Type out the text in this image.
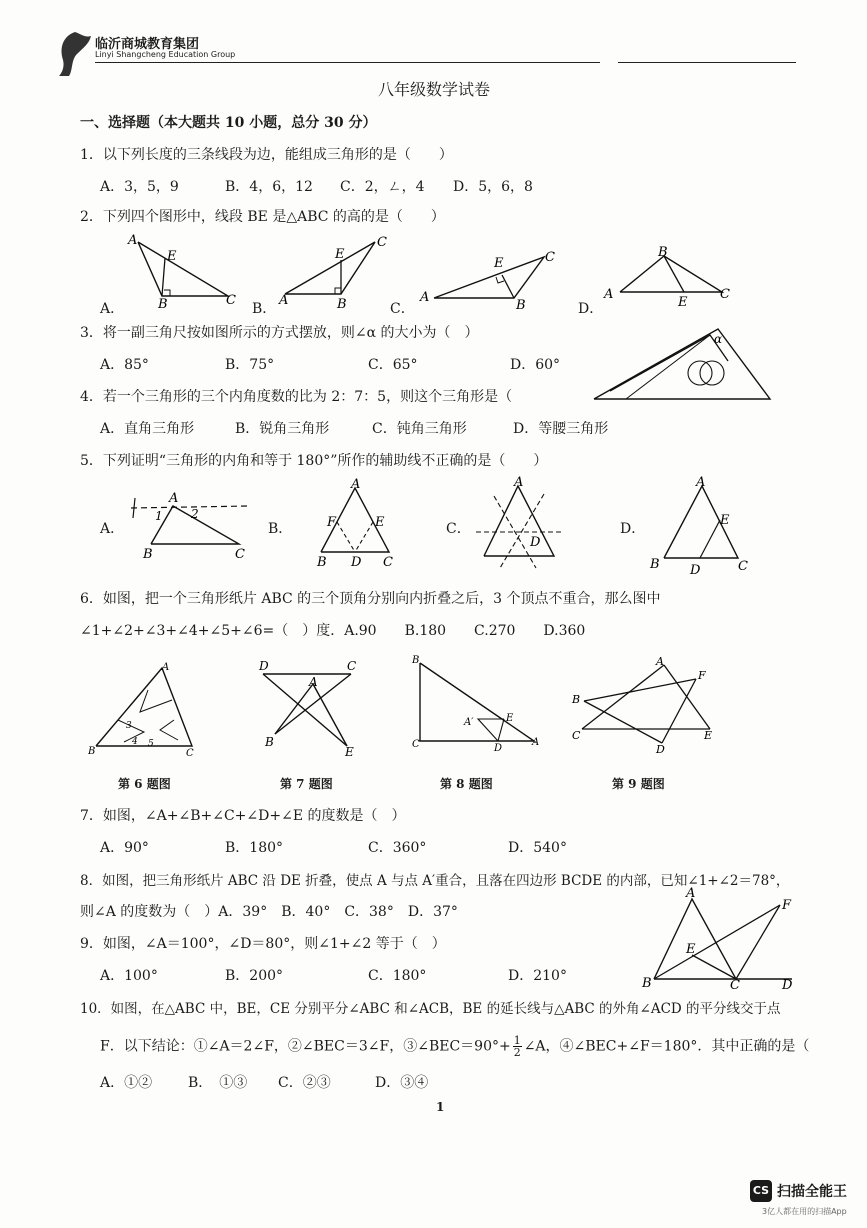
临沂商城教育集团
Linyi Shangcheng Education Group
八年级数学试卷
一、选择题（本大题共 10 小题，总分 30 分）
1．以下列长度的三条线段为边，能组成三角形的是（　　）
A．3，5，9	B．4，6，12 C．2，ㄥ，4 D．5，6，8
2．下列四个图形中，线段 BE 是△ABC 的高的是（　　）
A．	B．	C．	D．
A
E
B	C	A	B
E
C
A
E
B
C
A
B
E
C
3．将一副三角尺按如图所示的方式摆放，则∠α 的大小为（　）
A．85°	B．75°	C．65°	D．60°
α
4．若一个三角形的三个内角度数的比为 2：7：5，则这个三角形是（
A．直角三角形	B．锐角三角形	C．钝角三角形	D．等腰三角形
5．下列证明“三角形的内角和等于 180°”所作的辅助线不正确的是（　　）
A．	B．	C．	D．
A
1 2
B	C
A
F	E
B D C
A
D
A
E
B D	C
6．如图，把一个三角形纸片 ABC 的三个顶角分别向内折叠之后，3 个顶点不重合，那么图中
∠1+∠2+∠3+∠4+∠5+∠6=（　）度．A.90　　B.180　　C.270　　D.360
A
B	C
3
4 5
D	C
A
B
E
B
C	A
E
D
A′
A
F
B
C	E
D
第 6 题图	第 7 题图	第 8 题图	第 9 题图
7．如图，∠A+∠B+∠C+∠D+∠E 的度数是（　）
A．90°	B．180°	C．360°	D．540°
8．如图，把三角形纸片 ABC 沿 DE 折叠，使点 A 与点 A′重合，且落在四边形 BCDE 的内部，已知∠1+∠2＝78°，
则∠A 的度数为（　）A．39°　B．40°　C．38°　D．37°
9．如图，∠A＝100°，∠D＝80°，则∠1+∠2 等于（　）
A．100°	B．200°	C．180°	D．210°
A
F
E
B	C	D
10．如图，在△ABC 中，BE，CE 分别平分∠ABC 和∠ACB，BE 的延长线与△ABC 的外角∠ACD 的平分线交于点
F．以下结论：①∠A＝2∠F，②∠BEC＝3∠F，③∠BEC＝90°+ $\frac{1}{2}$ ∠A，④∠BEC+∠F＝180°．其中正确的是（
A．①②	B．　①③ C．②③	D．③④
1
CS 扫描全能王
3亿人都在用的扫描App
